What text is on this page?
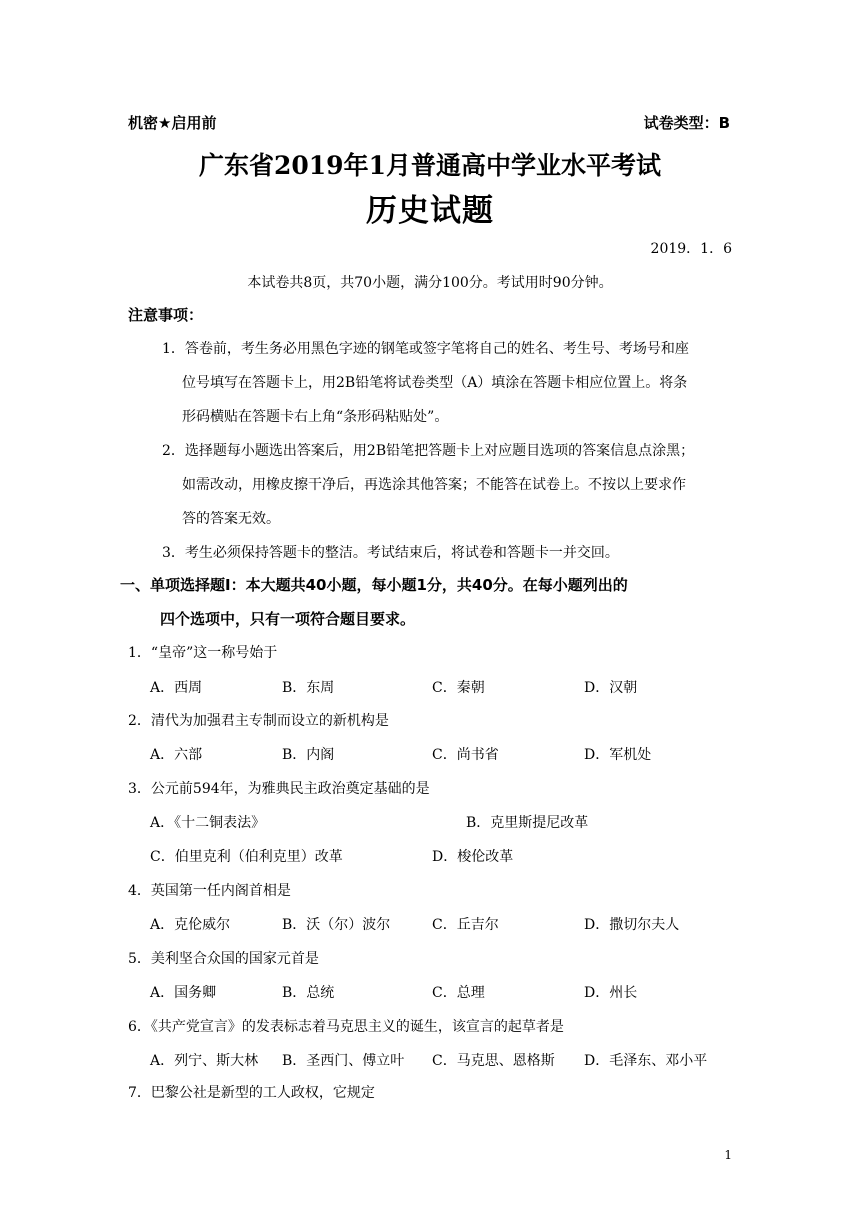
机密★启用前	试卷类型：B
广东省2019年1月普通高中学业水平考试
历史试题
2019．1．6
本试卷共8页，共70小题，满分100分。考试用时90分钟。
注意事项：
1．答卷前，考生务必用黑色字迹的钢笔或签字笔将自己的姓名、考生号、考场号和座
位号填写在答题卡上，用2B铅笔将试卷类型（A）填涂在答题卡相应位置上。将条
形码横贴在答题卡右上角“条形码粘贴处”。
2．选择题每小题选出答案后，用2B铅笔把答题卡上对应题目选项的答案信息点涂黑；
如需改动，用橡皮擦干净后，再选涂其他答案；不能答在试卷上。不按以上要求作
答的答案无效。
3．考生必须保持答题卡的整洁。考试结束后，将试卷和答题卡一并交回。
一、单项选择题Ⅰ：本大题共40小题，每小题1分，共40分。在每小题列出的
四个选项中，只有一项符合题目要求。
1．“皇帝”这一称号始于
A．西周	B．东周	C．秦朝	D．汉朝
2．清代为加强君主专制而设立的新机构是
A．六部	B．内阁	C．尚书省	D．军机处
3．公元前594年，为雅典民主政治奠定基础的是
A．《十二铜表法》	B．克里斯提尼改革
C．伯里克利（伯利克里）改革	D．梭伦改革
4．英国第一任内阁首相是
A．克伦威尔	B．沃（尔）波尔	C．丘吉尔	D．撒切尔夫人
5．美利坚合众国的国家元首是
A．国务卿	B．总统	C．总理	D．州长
6．《共产党宣言》的发表标志着马克思主义的诞生，该宣言的起草者是
A．列宁、斯大林 B．圣西门、傅立叶 C．马克思、恩格斯 D．毛泽东、邓小平
7．巴黎公社是新型的工人政权，它规定
1
